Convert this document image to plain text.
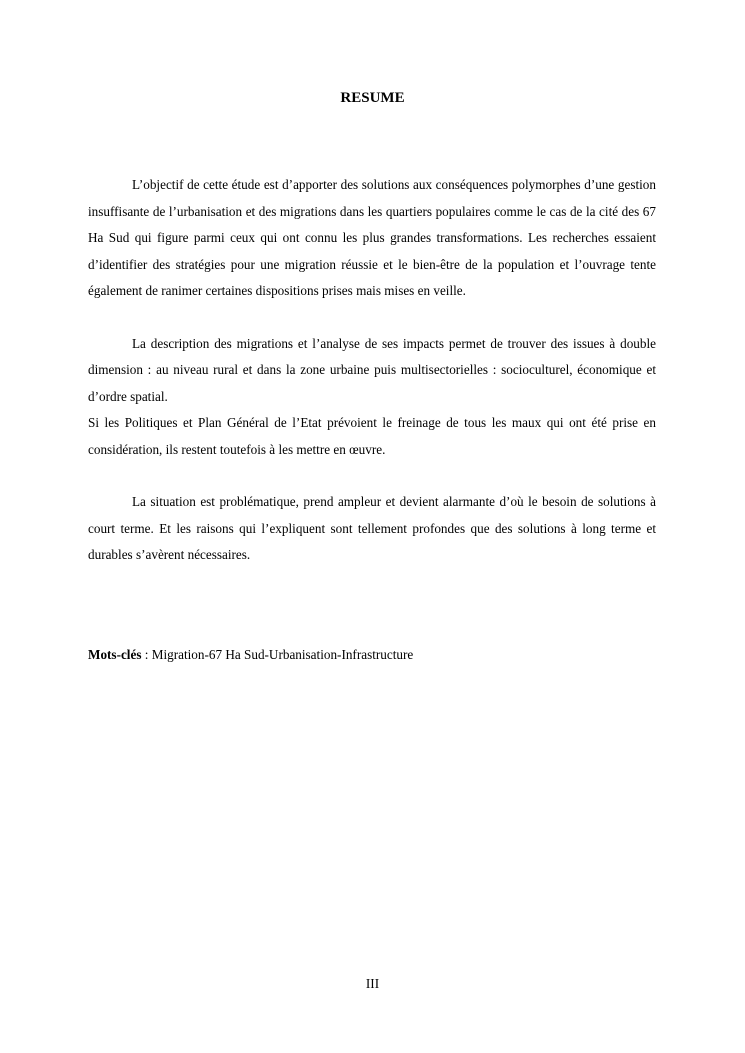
RESUME

L’objectif de cette étude est d’apporter des solutions aux conséquences polymorphes d’une gestion insuffisante de l’urbanisation et des migrations dans les quartiers populaires comme le cas de la cité des 67 Ha Sud qui figure parmi ceux qui ont connu les plus grandes transformations. Les recherches essaient d’identifier des stratégies pour une migration réussie et le bien-être de la population et l’ouvrage tente également de ranimer certaines dispositions prises mais mises en veille.

La description des migrations et l’analyse de ses impacts permet de trouver des issues à double dimension : au niveau rural et dans la zone urbaine puis multisectorielles : socioculturel, économique et d’ordre spatial.

Si les Politiques et Plan Général de l’Etat prévoient le freinage de tous les maux qui ont été prise en considération, ils restent toutefois à les mettre en œuvre.

La situation est problématique, prend ampleur et devient alarmante d’où le besoin de solutions à court terme. Et les raisons qui l’expliquent sont tellement profondes que des solutions à long terme et durables s’avèrent nécessaires.

Mots-clés : Migration-67 Ha Sud-Urbanisation-Infrastructure

III
